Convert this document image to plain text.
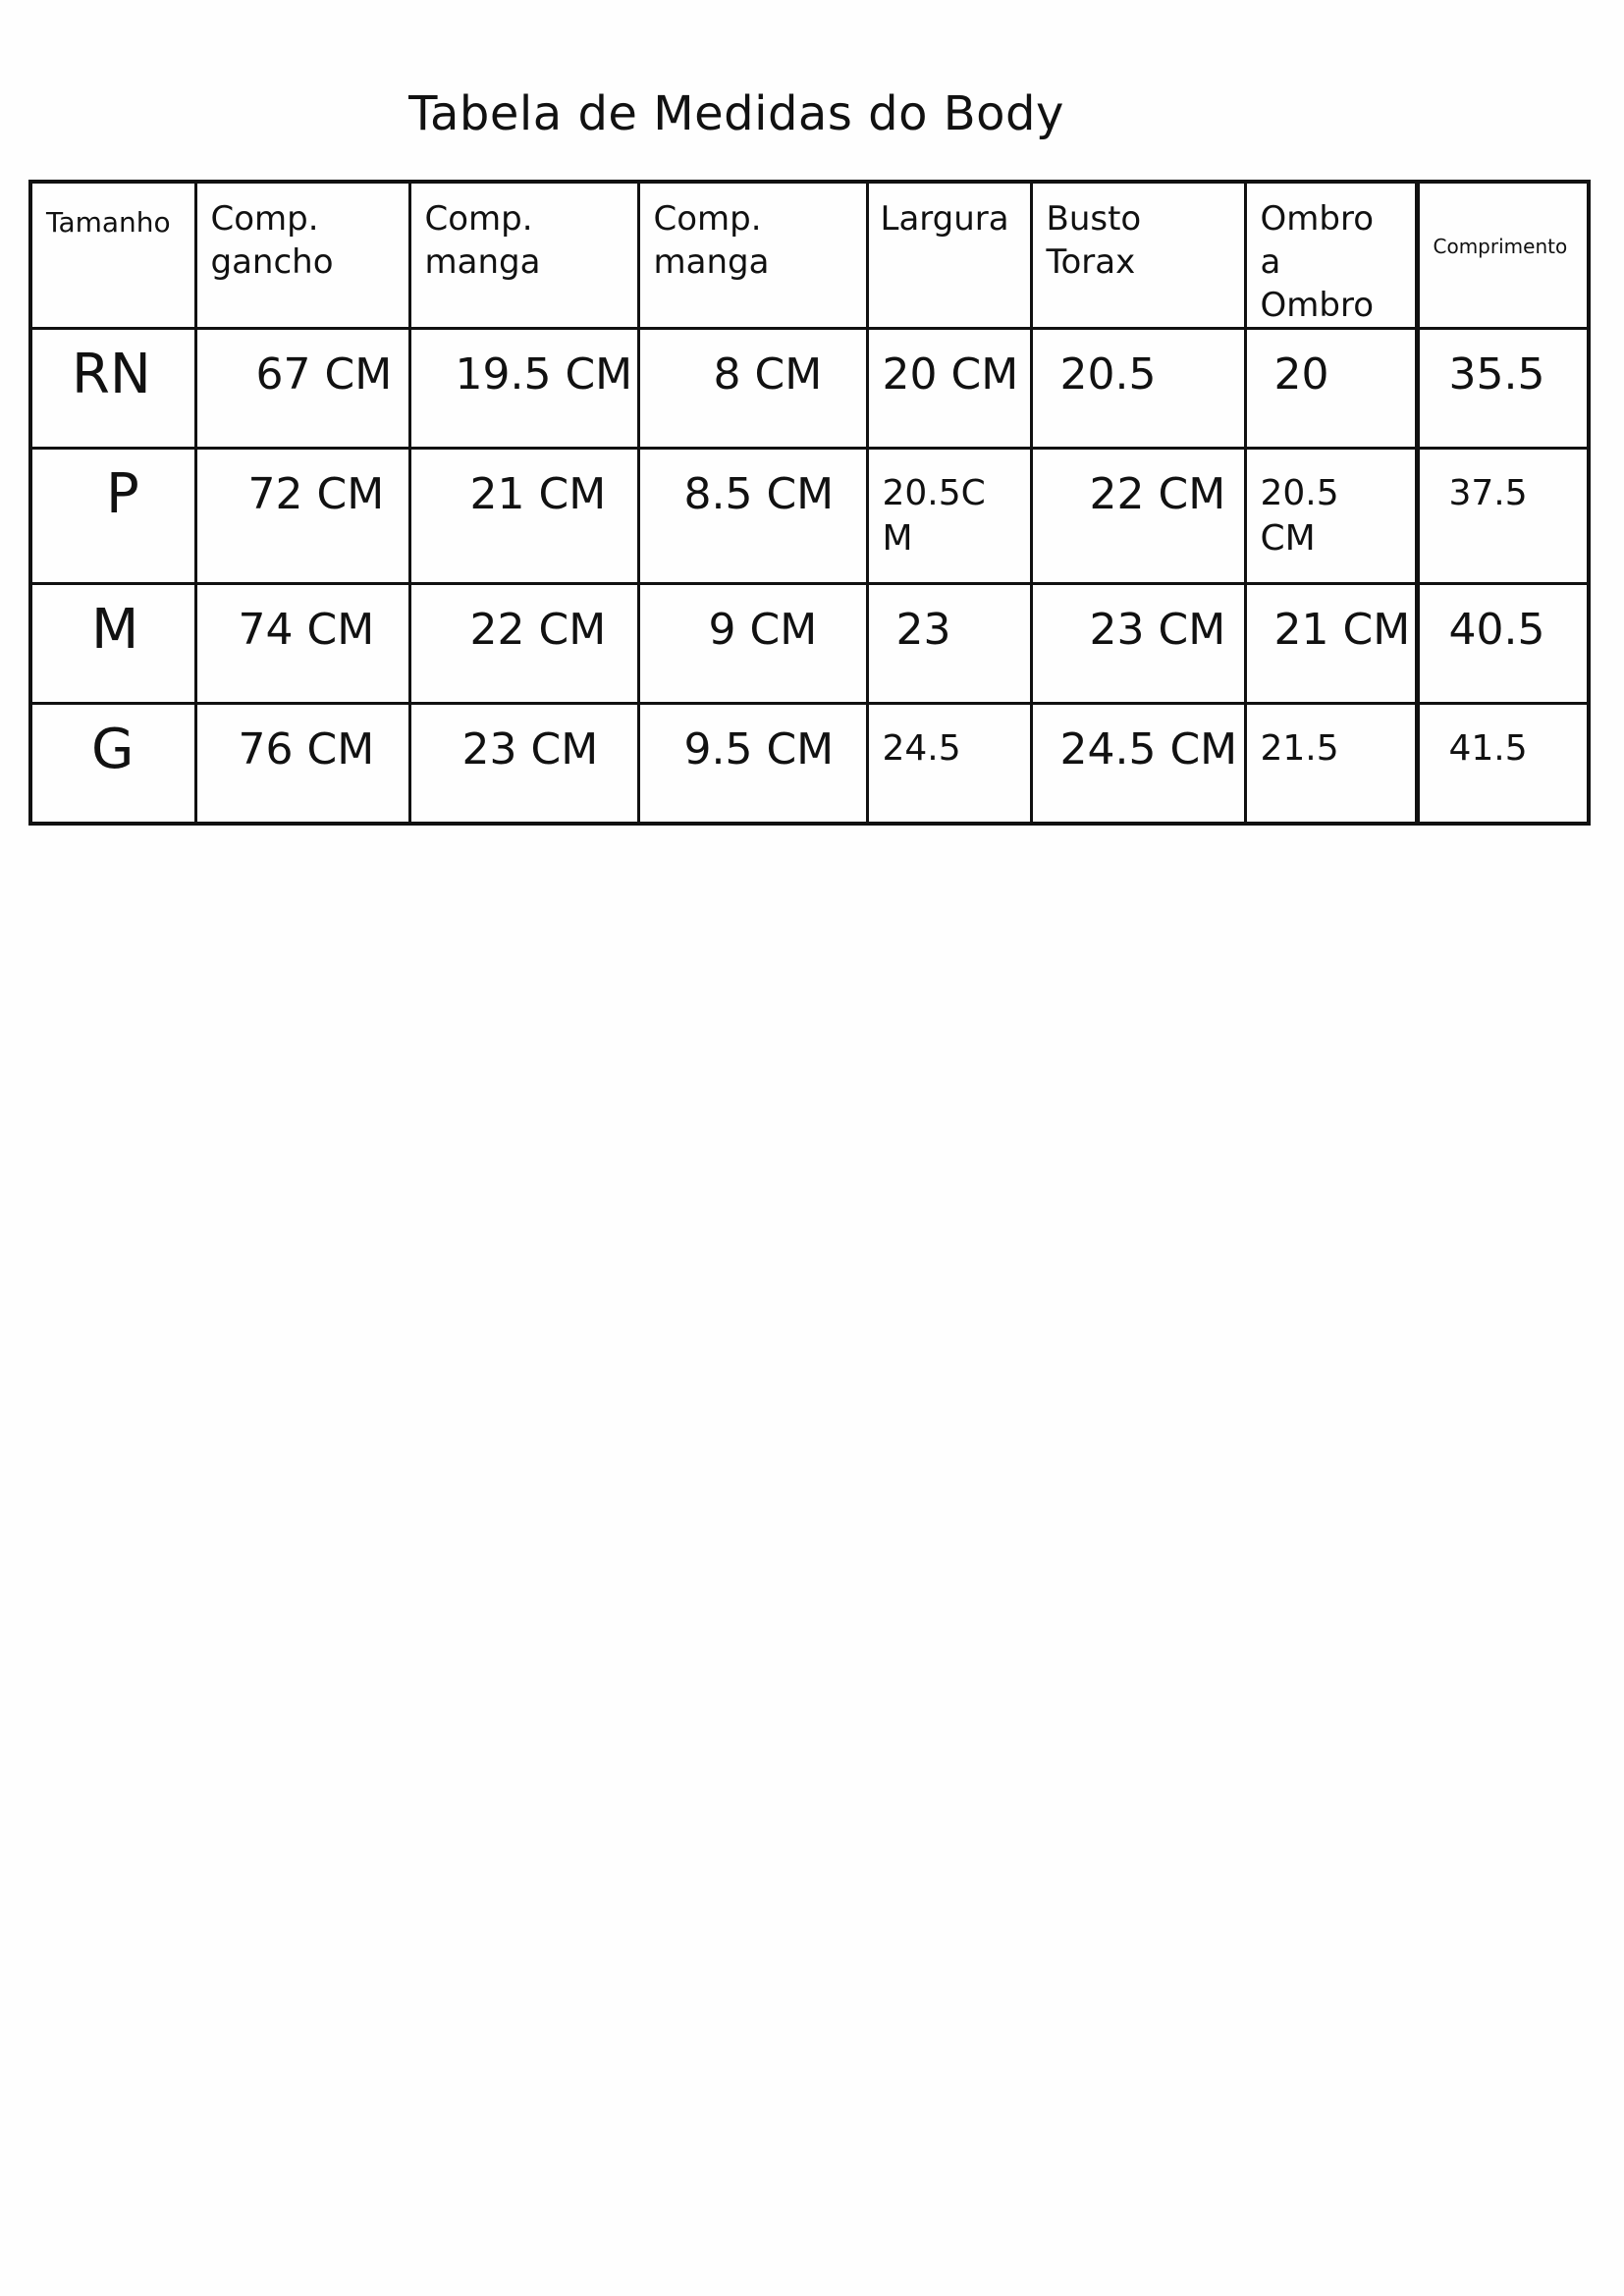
Tabela de Medidas do Body
Tamanho	Comp. gancho	Comp. manga	Comp. manga	Largura	Busto Torax	Ombro a Ombro	Comprimento
RN	67 CM	19.5 CM	8 CM	20 CM	20.5	20	35.5
P	72 CM	21 CM	8.5 CM	20.5CM	22 CM	20.5 CM	37.5
M	74 CM	22 CM	9 CM	23	23 CM	21 CM	40.5
G	76 CM	23 CM	9.5 CM	24.5	24.5 CM	21.5	41.5
